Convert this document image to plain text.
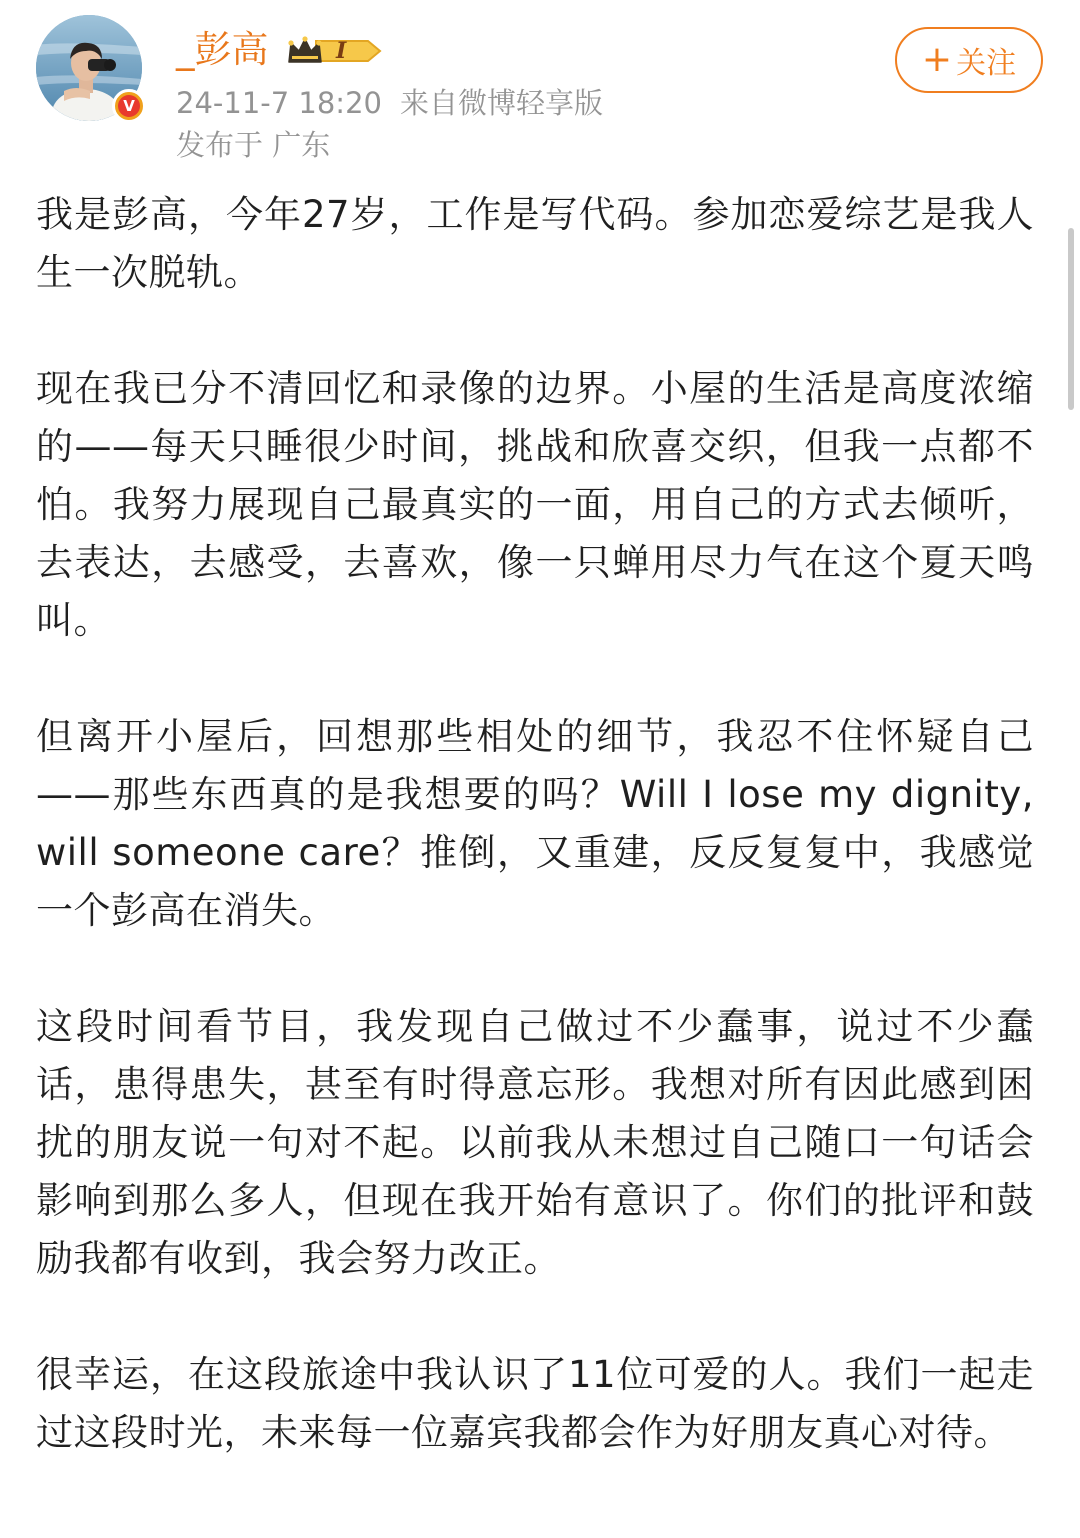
V
_彭高	I
24-11-7 18:20 来自微博轻享版
发布于 广东
+ 关注

我是彭高，今年27岁，工作是写代码。参加恋爱综艺是我人生一次脱轨。

现在我已分不清回忆和录像的边界。小屋的生活是高度浓缩的——每天只睡很少时间，挑战和欣喜交织，但我一点都不怕。我努力展现自己最真实的一面，用自己的方式去倾听，去表达，去感受，去喜欢，像一只蝉用尽力气在这个夏天鸣叫。

但离开小屋后，回想那些相处的细节，我忍不住怀疑自己——那些东西真的是我想要的吗？Will I lose my dignity, will someone care？推倒，又重建，反反复复中，我感觉一个彭高在消失。

这段时间看节目，我发现自己做过不少蠢事，说过不少蠢话，患得患失，甚至有时得意忘形。我想对所有因此感到困扰的朋友说一句对不起。以前我从未想过自己随口一句话会影响到那么多人，但现在我开始有意识了。你们的批评和鼓励我都有收到，我会努力改正。

很幸运，在这段旅途中我认识了11位可爱的人。我们一起走过这段时光，未来每一位嘉宾我都会作为好朋友真心对待。
